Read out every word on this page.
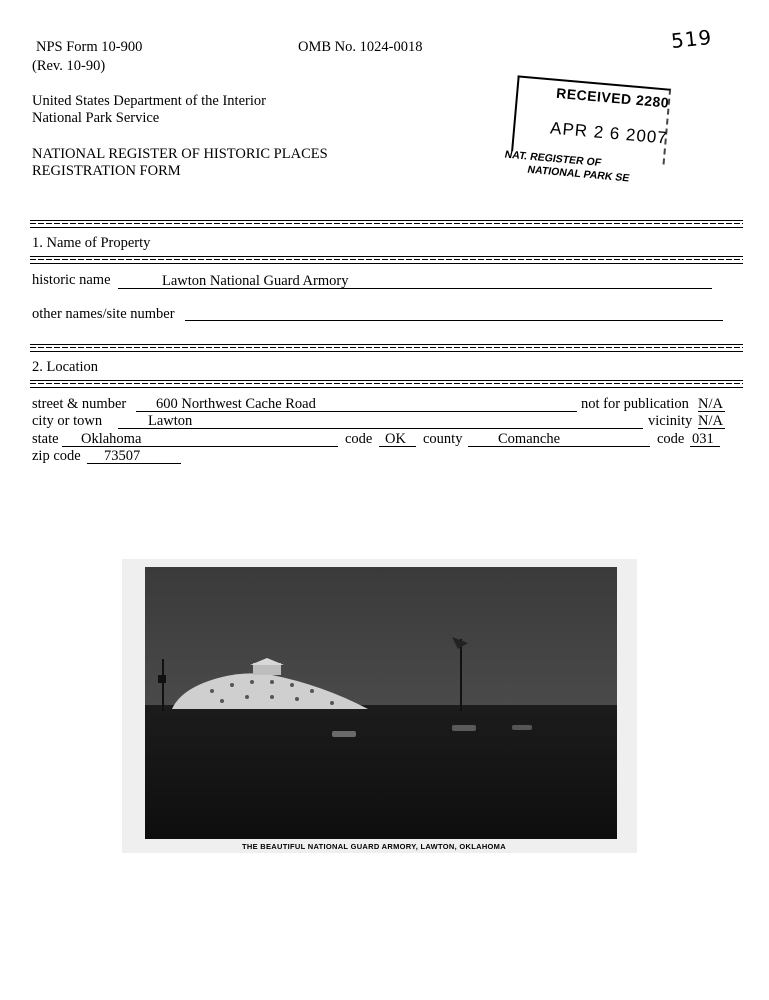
NPS Form 10-900
(Rev. 10-90)
OMB No. 1024-0018	519
United States Department of the Interior
National Park Service
NATIONAL REGISTER OF HISTORIC PLACES
REGISTRATION FORM
RECEIVED 2280
APR 2 6 2007
NAT. REGISTER OF
NATIONAL PARK SE
1. Name of Property
historic name	Lawton National Guard Armory
other names/site number
2. Location
street & number 600 Northwest Cache Road	not for publication N/A
city or town	Lawton	vicinity N/A
state Oklahoma	code OK county Comanche	code 031
zip code 73507
THE BEAUTIFUL NATIONAL GUARD ARMORY, LAWTON, OKLAHOMA
